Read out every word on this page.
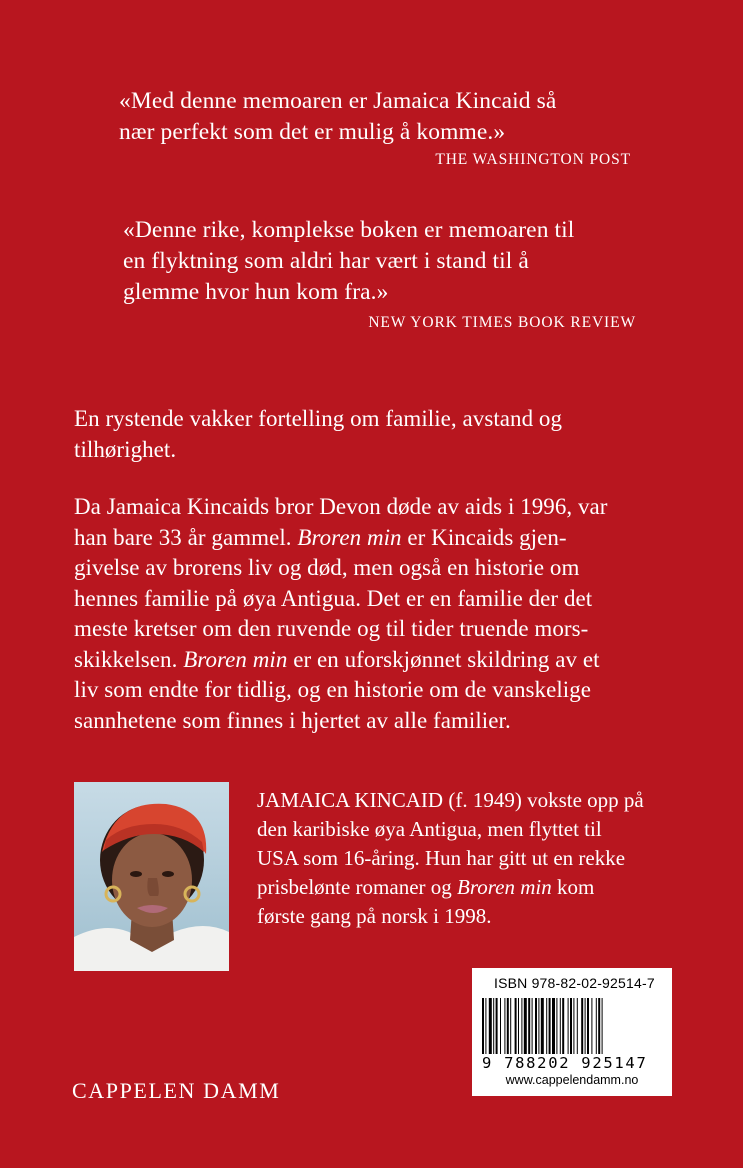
«Med denne memoaren er Jamaica Kincaid så

nær perfekt som det er mulig å komme.»

THE WASHINGTON POST

«Denne rike, komplekse boken er memoaren til

en flyktning som aldri har vært i stand til å

glemme hvor hun kom fra.»

NEW YORK TIMES BOOK REVIEW

En rystende vakker fortelling om familie, avstand og

tilhørighet.

Da Jamaica Kincaids bror Devon døde av aids i 1996, var

han bare 33 år gammel. Broren min er Kincaids gjen-

givelse av brorens liv og død, men også en historie om

hennes familie på øya Antigua. Det er en familie der det

meste kretser om den ruvende og til tider truende mors-

skikkelsen. Broren min er en uforskjønnet skildring av et

liv som endte for tidlig, og en historie om de vanskelige

sannhetene som finnes i hjertet av alle familier.

JAMAICA KINCAID (f. 1949) vokste opp på

den karibiske øya Antigua, men flyttet til

USA som 16-åring. Hun har gitt ut en rekke

prisbelønte romaner og Broren min kom

første gang på norsk i 1998.

ISBN 978-82-02-92514-7
9 788202 925147
www.cappelendamm.no
CAPPELEN DAMM
